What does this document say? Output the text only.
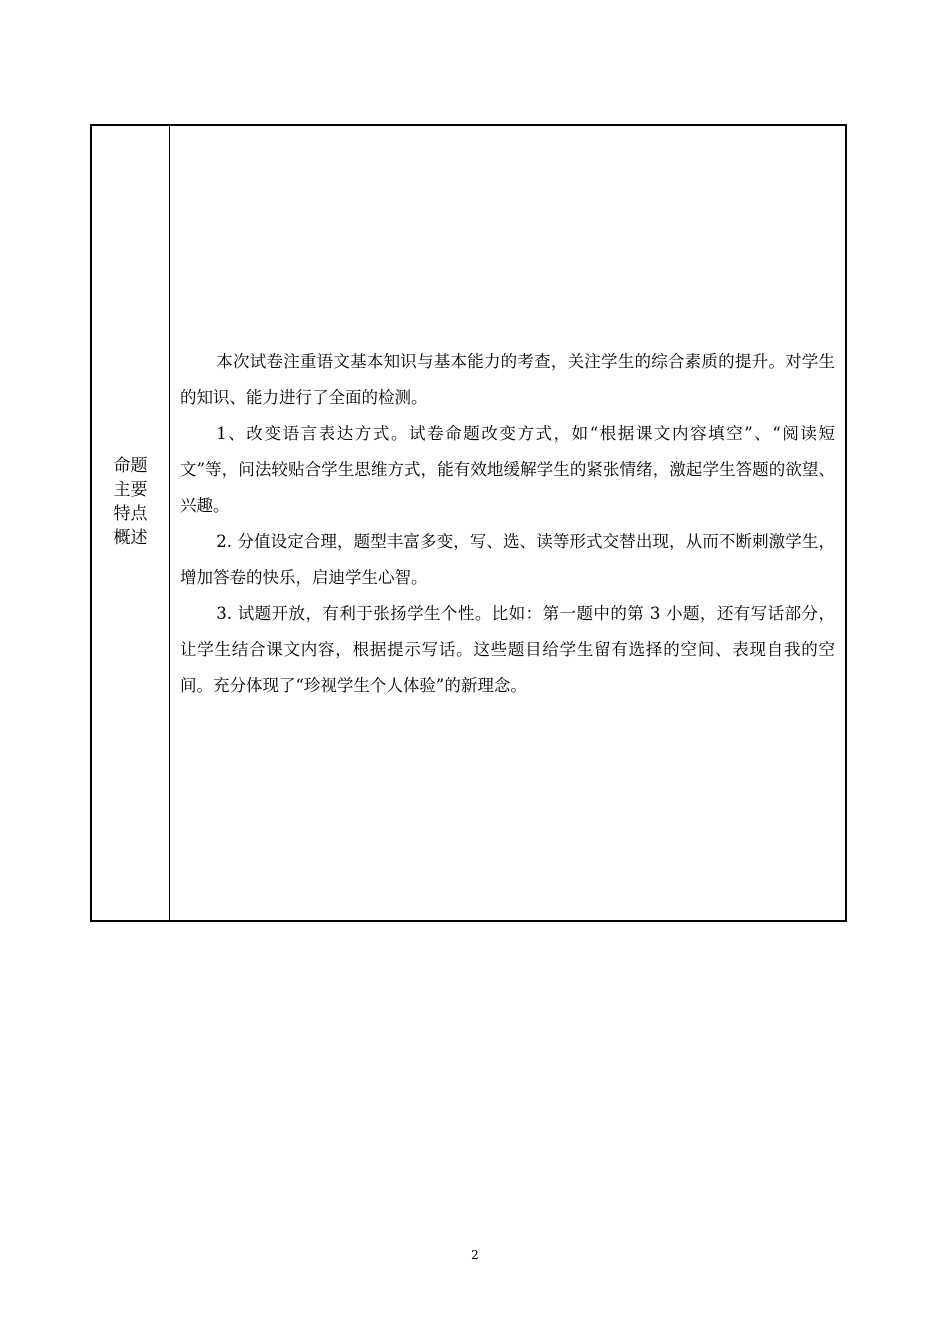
命题主要特点概述

本次试卷注重语文基本知识与基本能力的考查，关注学生的综合素质的提升。对学生的知识、能力进行了全面的检测。

1、改变语言表达方式。试卷命题改变方式，如“根据课文内容填空”、“阅读短文”等，问法较贴合学生思维方式，能有效地缓解学生的紧张情绪，激起学生答题的欲望、兴趣。

2. 分值设定合理，题型丰富多变，写、选、读等形式交替出现，从而不断刺激学生，增加答卷的快乐，启迪学生心智。

3. 试题开放，有利于张扬学生个性。比如：第一题中的第 3 小题，还有写话部分，让学生结合课文内容，根据提示写话。这些题目给学生留有选择的空间、表现自我的空间。充分体现了“珍视学生个人体验”的新理念。

2
